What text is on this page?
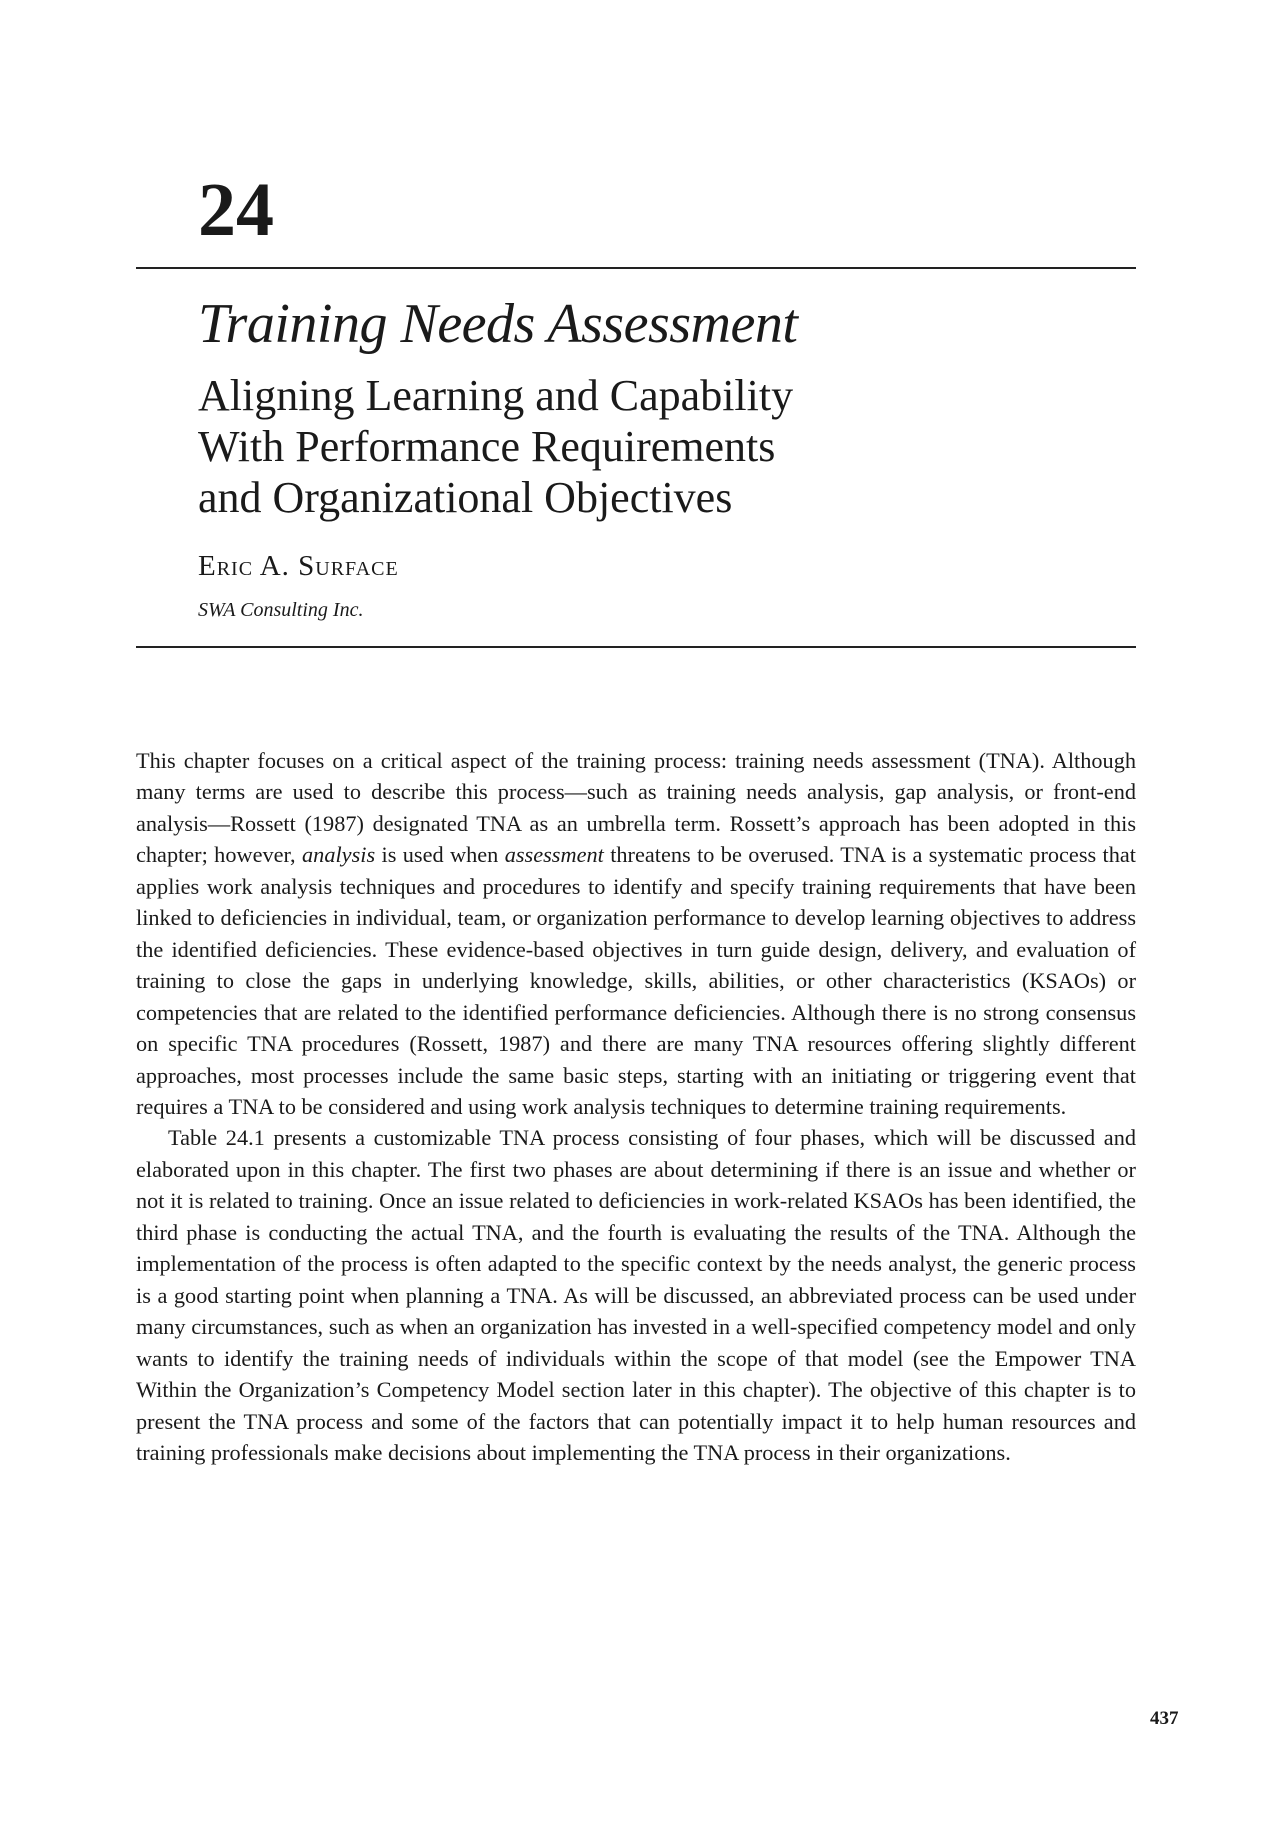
24
Training Needs Assessment
Aligning Learning and Capability
With Performance Requirements
and Organizational Objectives
Eric A. Surface
SWA Consulting Inc.

This chapter focuses on a critical aspect of the training process: training needs assessment (TNA). Although many terms are used to describe this process—such as training needs analysis, gap analysis, or front-end analysis—Rossett (1987) designated TNA as an umbrella term. Rossett’s approach has been adopted in this chapter; however, analysis is used when assessment threatens to be overused. TNA is a systematic process that applies work analysis techniques and procedures to identify and specify training requirements that have been linked to deficiencies in individual, team, or organization performance to develop learning objectives to address the identified deficiencies. These evidence-based objectives in turn guide design, delivery, and evaluation of training to close the gaps in underlying knowledge, skills, abilities, or other characteristics (KSAOs) or competencies that are related to the identified performance deficiencies. Although there is no strong consensus on specific TNA procedures (Rossett, 1987) and there are many TNA resources offering slightly different approaches, most processes include the same basic steps, starting with an initiating or triggering event that requires a TNA to be considered and using work analysis techniques to determine training requirements.

Table 24.1 presents a customizable TNA process consisting of four phases, which will be discussed and elaborated upon in this chapter. The first two phases are about determining if there is an issue and whether or not it is related to training. Once an issue related to deficiencies in work-related KSAOs has been identified, the third phase is conducting the actual TNA, and the fourth is evaluating the results of the TNA. Although the implementation of the process is often adapted to the specific context by the needs analyst, the generic process is a good starting point when planning a TNA. As will be discussed, an abbreviated process can be used under many circumstances, such as when an organization has invested in a well-specified competency model and only wants to identify the training needs of individuals within the scope of that model (see the Empower TNA Within the Organization’s Competency Model section later in this chapter). The objective of this chapter is to present the TNA process and some of the factors that can potentially impact it to help human resources and training professionals make decisions about implementing the TNA process in their organizations.

437
